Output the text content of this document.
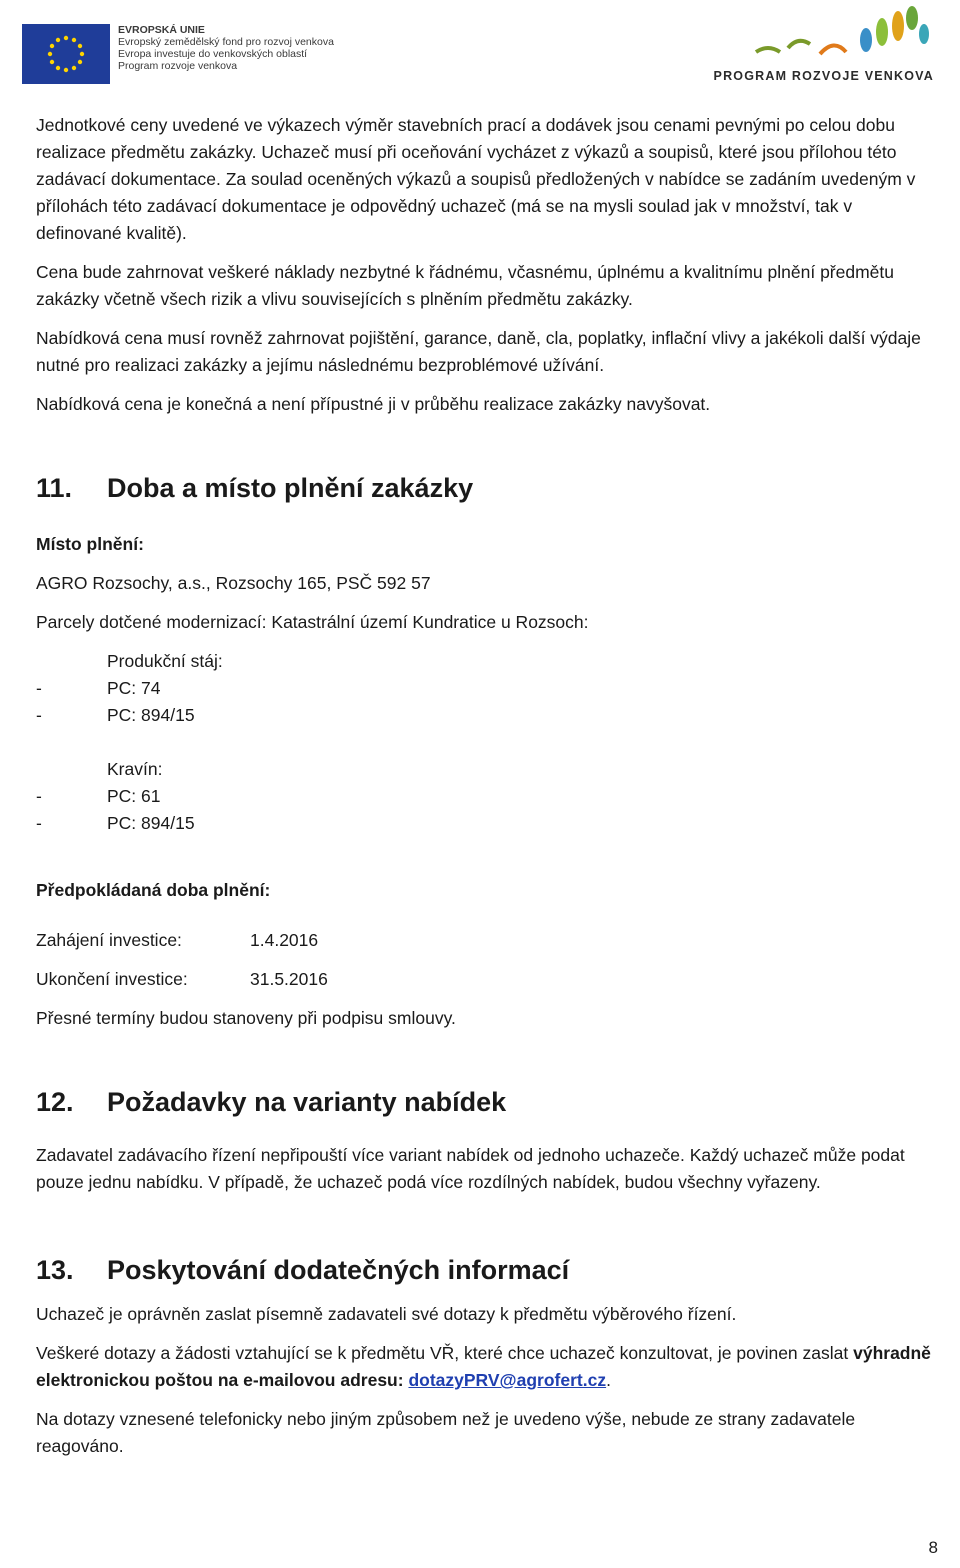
EVROPSKÁ UNIE
Evropský zemědělský fond pro rozvoj venkova
Evropa investuje do venkovských oblastí
Program rozvoje venkova
PROGRAM ROZVOJE VENKOVA

Jednotkové ceny uvedené ve výkazech výměr stavebních prací a dodávek jsou cenami pevnými po celou dobu realizace předmětu zakázky. Uchazeč musí při oceňování vycházet z výkazů a soupisů, které jsou přílohou této zadávací dokumentace. Za soulad oceněných výkazů a soupisů předložených v nabídce se zadáním uvedeným v přílohách této zadávací dokumentace je odpovědný uchazeč (má se na mysli soulad jak v množství, tak v definované kvalitě).

Cena bude zahrnovat veškeré náklady nezbytné k řádnému, včasnému, úplnému a kvalitnímu plnění předmětu zakázky včetně všech rizik a vlivu souvisejících s plněním předmětu zakázky.

Nabídková cena musí rovněž zahrnovat pojištění, garance, daně, cla, poplatky, inflační vlivy a jakékoli další výdaje nutné pro realizaci zakázky a jejímu následnému bezproblémové užívání.

Nabídková cena je konečná a není přípustné ji v průběhu realizace zakázky navyšovat.

11. Doba a místo plnění zakázky

Místo plnění:

AGRO Rozsochy, a.s., Rozsochy 165, PSČ 592 57

Parcely dotčené modernizací: Katastrální území Kundratice u Rozsoch:

Produkční stáj:

-	PC: 74
-	PC: 894/15

Kravín:

-	PC: 61
-	PC: 894/15

Předpokládaná doba plnění:

Zahájení investice:	1.4.2016
Ukončení investice:	31.5.2016

Přesné termíny budou stanoveny při podpisu smlouvy.

12. Požadavky na varianty nabídek

Zadavatel zadávacího řízení nepřipouští více variant nabídek od jednoho uchazeče. Každý uchazeč může podat pouze jednu nabídku. V případě, že uchazeč podá více rozdílných nabídek, budou všechny vyřazeny.

13. Poskytování dodatečných informací

Uchazeč je oprávněn zaslat písemně zadavateli své dotazy k předmětu výběrového řízení.

Veškeré dotazy a žádosti vztahující se k předmětu VŘ, které chce uchazeč konzultovat, je povinen zaslat výhradně elektronickou poštou na e-mailovou adresu: dotazyPRV@agrofert.cz.

Na dotazy vznesené telefonicky nebo jiným způsobem než je uvedeno výše, nebude ze strany zadavatele reagováno.

8
